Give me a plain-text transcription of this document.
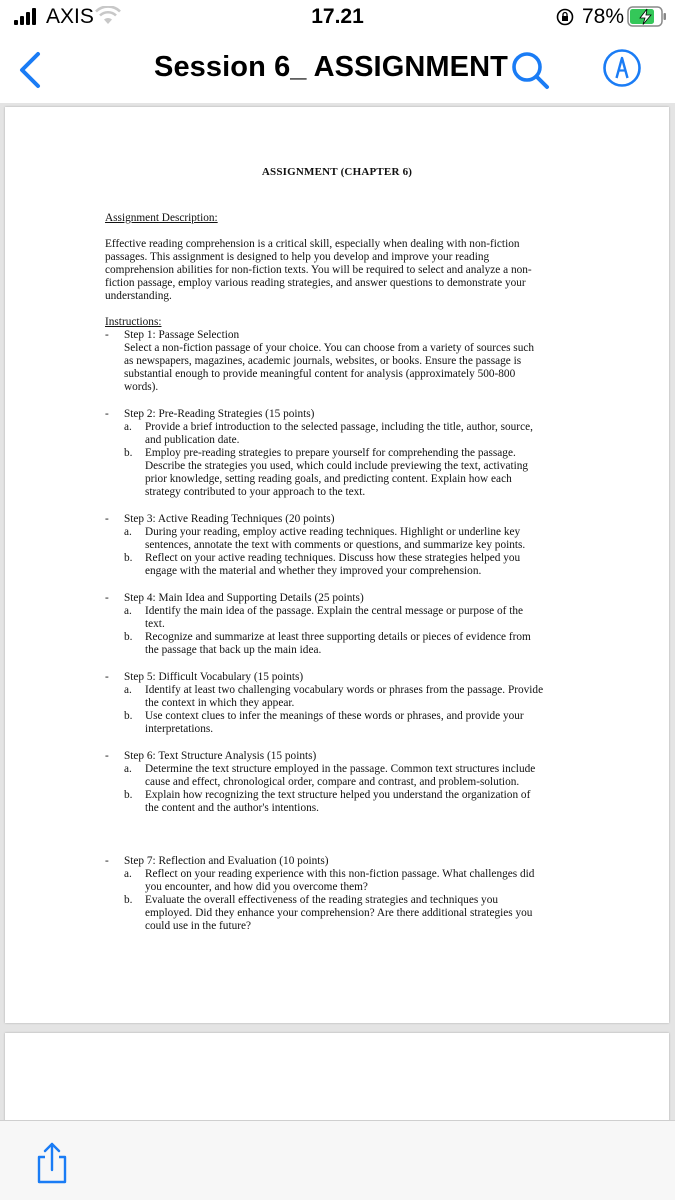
AXIS	17.21	78%
Session 6_ ASSIGNMENT
ASSIGNMENT (CHAPTER 6)
Assignment Description:
Effective reading comprehension is a critical skill, especially when dealing with non-fiction
passages. This assignment is designed to help you develop and improve your reading
comprehension abilities for non-fiction texts. You will be required to select and analyze a non-
fiction passage, employ various reading strategies, and answer questions to demonstrate your
understanding.
Instructions:
- Step 1: Passage Selection
Select a non-fiction passage of your choice. You can choose from a variety of sources such
as newspapers, magazines, academic journals, websites, or books. Ensure the passage is
substantial enough to provide meaningful content for analysis (approximately 500-800
words).
- Step 2: Pre-Reading Strategies (15 points)
a. Provide a brief introduction to the selected passage, including the title, author, source,
and publication date.
b. Employ pre-reading strategies to prepare yourself for comprehending the passage.
Describe the strategies you used, which could include previewing the text, activating
prior knowledge, setting reading goals, and predicting content. Explain how each
strategy contributed to your approach to the text.
- Step 3: Active Reading Techniques (20 points)
a. During your reading, employ active reading techniques. Highlight or underline key
sentences, annotate the text with comments or questions, and summarize key points.
b. Reflect on your active reading techniques. Discuss how these strategies helped you
engage with the material and whether they improved your comprehension.
- Step 4: Main Idea and Supporting Details (25 points)
a. Identify the main idea of the passage. Explain the central message or purpose of the
text.
b. Recognize and summarize at least three supporting details or pieces of evidence from
the passage that back up the main idea.
- Step 5: Difficult Vocabulary (15 points)
a. Identify at least two challenging vocabulary words or phrases from the passage. Provide
the context in which they appear.
b. Use context clues to infer the meanings of these words or phrases, and provide your
interpretations.
- Step 6: Text Structure Analysis (15 points)
a. Determine the text structure employed in the passage. Common text structures include
cause and effect, chronological order, compare and contrast, and problem-solution.
b. Explain how recognizing the text structure helped you understand the organization of
the content and the author's intentions.
- Step 7: Reflection and Evaluation (10 points)
a. Reflect on your reading experience with this non-fiction passage. What challenges did
you encounter, and how did you overcome them?
b. Evaluate the overall effectiveness of the reading strategies and techniques you
employed. Did they enhance your comprehension? Are there additional strategies you
could use in the future?
